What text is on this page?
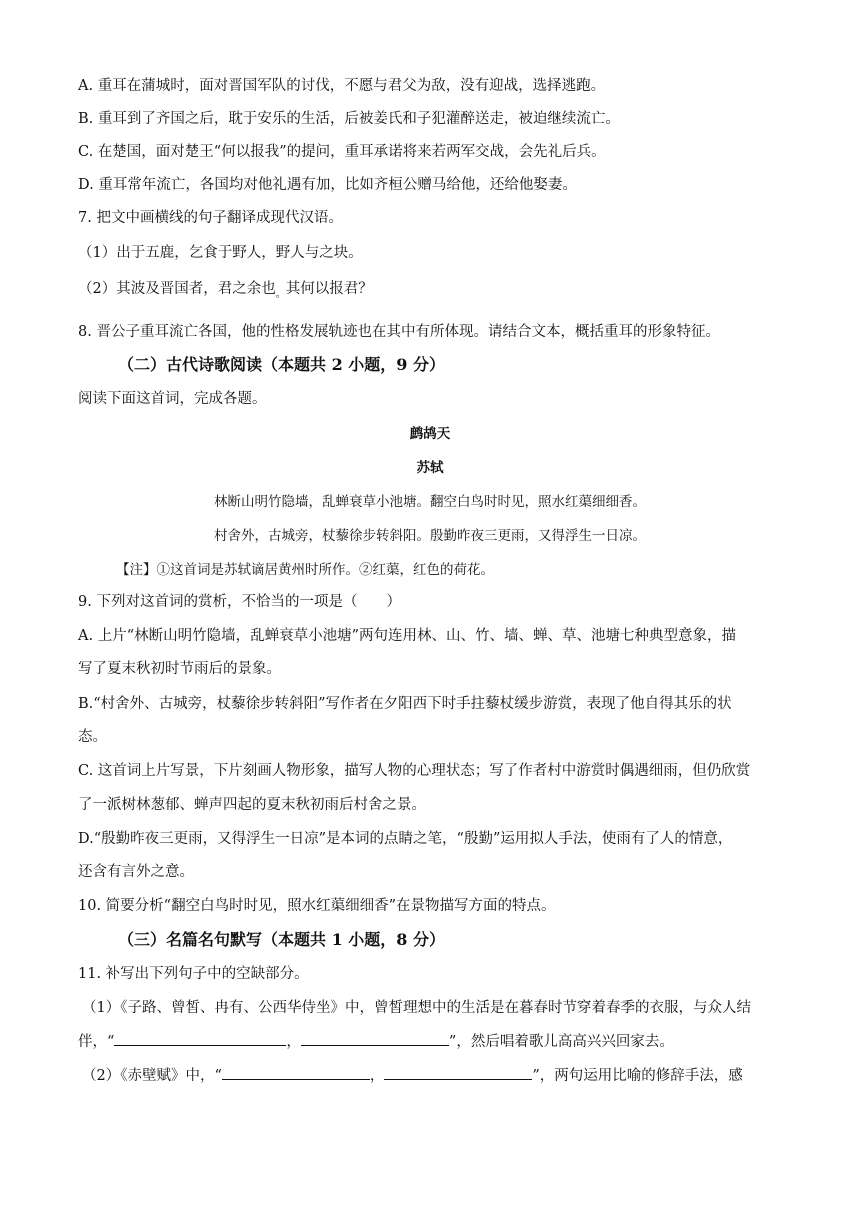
A. 重耳在蒲城时，面对晋国军队的讨伐，不愿与君父为敌，没有迎战，选择逃跑。
B. 重耳到了齐国之后，耽于安乐的生活，后被姜氏和子犯灌醉送走，被迫继续流亡。
C. 在楚国，面对楚王“何以报我”的提问，重耳承诺将来若两军交战，会先礼后兵。
D. 重耳常年流亡，各国均对他礼遇有加，比如齐桓公赠马给他，还给他娶妻。
7. 把文中画横线的句子翻译成现代汉语。
（1）出于五鹿，乞食于野人，野人与之块。
（2）其波及晋国者，君之余也$_。$其何以报君？
8. 晋公子重耳流亡各国，他的性格发展轨迹也在其中有所体现。请结合文本，概括重耳的形象特征。
（二）古代诗歌阅读（本题共 2 小题，9 分）
阅读下面这首词，完成各题。
鹧鸪天
苏轼
林断山明竹隐墙，乱蝉衰草小池塘。翻空白鸟时时见，照水红蕖细细香。
村舍外，古城旁，杖藜徐步转斜阳。殷勤昨夜三更雨，又得浮生一日凉。
【注】①这首词是苏轼谪居黄州时所作。②红蕖，红色的荷花。
9. 下列对这首词的赏析，不恰当的一项是（　　）
A. 上片“林断山明竹隐墙，乱蝉衰草小池塘”两句连用林、山、竹、墙、蝉、草、池塘七种典型意象，描
写了夏末秋初时节雨后的景象。
B.“村舍外、古城旁，杖藜徐步转斜阳”写作者在夕阳西下时手拄藜杖缓步游赏，表现了他自得其乐的状
态。
C. 这首词上片写景，下片刻画人物形象，描写人物的心理状态；写了作者村中游赏时偶遇细雨，但仍欣赏
了一派树林葱郁、蝉声四起的夏末秋初雨后村舍之景。
D.“殷勤昨夜三更雨，又得浮生一日凉”是本词的点睛之笔，“殷勤”运用拟人手法，使雨有了人的情意，
还含有言外之意。
10. 简要分析“翻空白鸟时时见，照水红蕖细细香”在景物描写方面的特点。
（三）名篇名句默写（本题共 1 小题，8 分）
11. 补写出下列句子中的空缺部分。
（1）《子路、曾皙、冉有、公西华侍坐》中，曾皙理想中的生活是在暮春时节穿着春季的衣服，与众人结
伴，“	，	”，然后唱着歌儿高高兴兴回家去。
（2）《赤壁赋》中，“	，	”，两句运用比喻的修辞手法，感
